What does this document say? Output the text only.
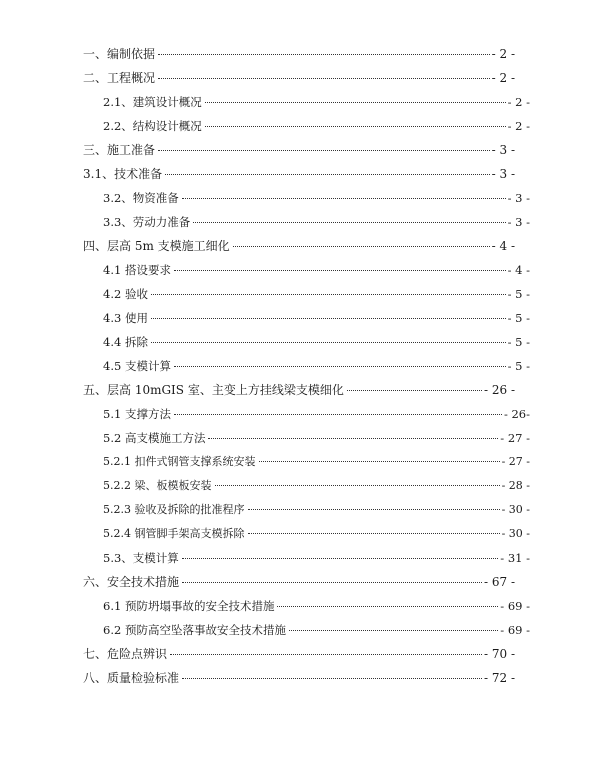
一、编制依据	- 2 -
二、工程概况	- 2 -
2.1、建筑设计概况	- 2 -
2.2、结构设计概况	- 2 -
三、施工准备	- 3 -
3.1、技术准备	- 3 -
3.2、物资准备	- 3 -
3.3、劳动力准备	- 3 -
四、层高 5m 支模施工细化	- 4 -
4.1 搭设要求	- 4 -
4.2 验收	- 5 -
4.3 使用	- 5 -
4.4 拆除	- 5 -
4.5 支模计算	- 5 -
五、层高 10mGIS 室、主变上方挂线梁支模细化	- 26 -
5.1 支撑方法	- 26-
5.2 高支模施工方法	- 27 -
5.2.1 扣件式钢管支撑系统安装	- 27 -
5.2.2 梁、板模板安装	- 28 -
5.2.3 验收及拆除的批准程序	- 30 -
5.2.4 钢管脚手架高支模拆除	- 30 -
5.3、支模计算	- 31 -
六、安全技术措施	- 67 -
6.1 预防坍塌事故的安全技术措施	- 69 -
6.2 预防高空坠落事故安全技术措施	- 69 -
七、危险点辨识	- 70 -
八、质量检验标准	- 72 -
